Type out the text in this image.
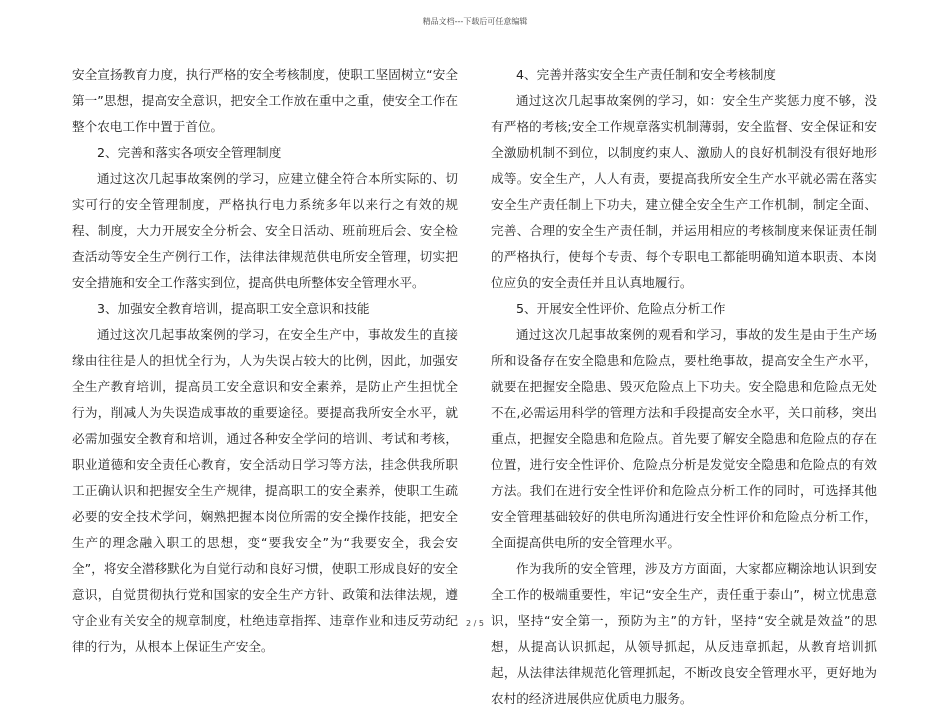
精品文档---下载后可任意编辑

安全宣扬教育力度，执行严格的安全考核制度，使职工坚固树立“安全第一”思想，提高安全意识，把安全工作放在重中之重，使安全工作在整个农电工作中置于首位。

2、完善和落实各项安全管理制度

通过这次几起事故案例的学习，应建立健全符合本所实际的、切实可行的安全管理制度，严格执行电力系统多年以来行之有效的规程、制度，大力开展安全分析会、安全日活动、班前班后会、安全检查活动等安全生产例行工作，法律法律规范供电所安全管理，切实把安全措施和安全工作落实到位，提高供电所整体安全管理水平。

3、加强安全教育培训，提高职工安全意识和技能

通过这次几起事故案例的学习，在安全生产中，事故发生的直接缘由往往是人的担忧全行为，人为失误占较大的比例，因此，加强安全生产教育培训，提高员工安全意识和安全素养，是防止产生担忧全行为，削减人为失误造成事故的重要途径。要提高我所安全水平，就必需加强安全教育和培训，通过各种安全学问的培训、考试和考核，职业道德和安全责任心教育，安全活动日学习等方法，挂念供我所职工正确认识和把握安全生产规律，提高职工的安全素养，使职工生疏必要的安全技术学问，娴熟把握本岗位所需的安全操作技能，把安全生产的理念融入职工的思想，变“要我安全”为“我要安全，我会安全”，将安全潜移默化为自觉行动和良好习惯，使职工形成良好的安全意识，自觉贯彻执行党和国家的安全生产方针、政策和法律法规，遵守企业有关安全的规章制度，杜绝违章指挥、违章作业和违反劳动纪律的行为，从根本上保证生产安全。

4、完善并落实安全生产责任制和安全考核制度

通过这次几起事故案例的学习，如：安全生产奖惩力度不够，没有严格的考核;安全工作规章落实机制薄弱，安全监督、安全保证和安全激励机制不到位，以制度约束人、激励人的良好机制没有很好地形成等。安全生产，人人有责，要提高我所安全生产水平就必需在落实安全生产责任制上下功夫，建立健全安全生产工作机制，制定全面、完善、合理的安全生产责任制，并运用相应的考核制度来保证责任制的严格执行，使每个专责、每个专职电工都能明确知道本职责、本岗位应负的安全责任并且认真地履行。

5、开展安全性评价、危险点分析工作

通过这次几起事故案例的观看和学习，事故的发生是由于生产场所和设备存在安全隐患和危险点，要杜绝事故，提高安全生产水平，就要在把握安全隐患、毁灭危险点上下功夫。安全隐患和危险点无处不在,必需运用科学的管理方法和手段提高安全水平，关口前移，突出重点，把握安全隐患和危险点。首先要了解安全隐患和危险点的存在位置，进行安全性评价、危险点分析是发觉安全隐患和危险点的有效方法。我们在进行安全性评价和危险点分析工作的同时，可选择其他安全管理基础较好的供电所沟通进行安全性评价和危险点分析工作，全面提高供电所的安全管理水平。

作为我所的安全管理，涉及方方面面，大家都应糊涂地认识到安全工作的极端重要性，牢记“安全生产，责任重于泰山”，树立忧患意识，坚持“安全第一，预防为主”的方针，坚持“安全就是效益”的思想，从提高认识抓起，从领导抓起，从反违章抓起，从教育培训抓起，从法律法律规范化管理抓起，不断改良安全管理水平，更好地为农村的经济进展供应优质电力服务。

2 / 5
